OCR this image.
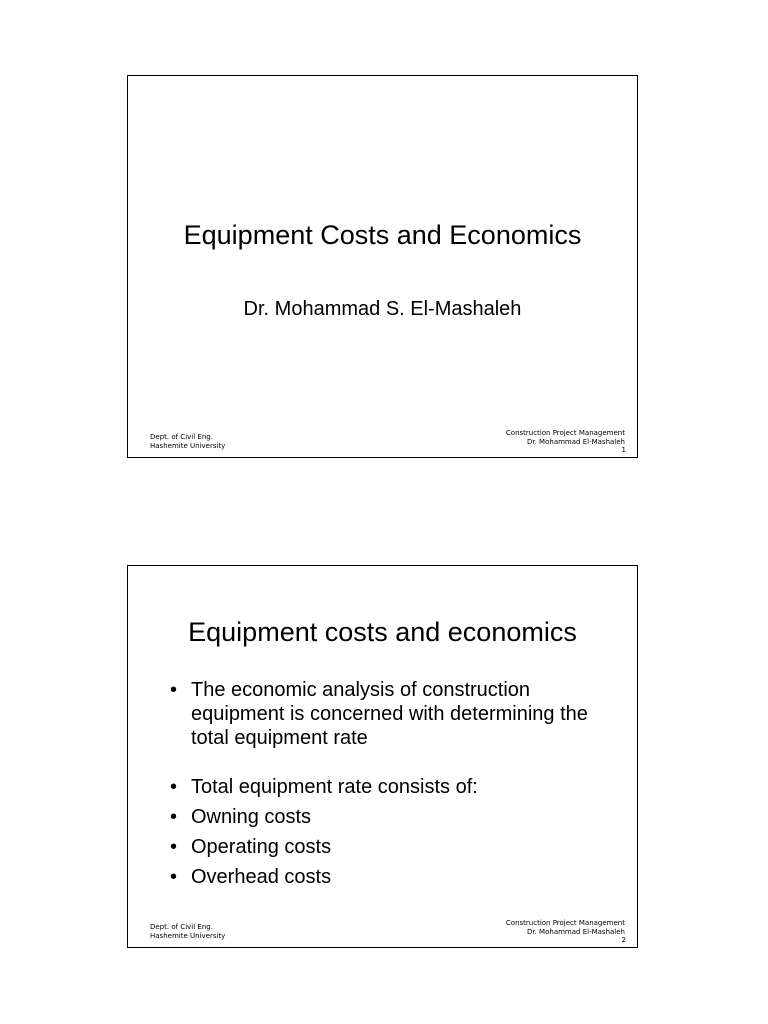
Equipment Costs and Economics
Dr. Mohammad S. El-Mashaleh
Dept. of Civil Eng.
Hashemite University
Construction Project Management
Dr. Mohammad El-Mashaleh
1
Equipment costs and economics
• The economic analysis of construction equipment is concerned with determining the total equipment rate
• Total equipment rate consists of:
• Owning costs
• Operating costs
• Overhead costs
Dept. of Civil Eng.
Hashemite University
Construction Project Management
Dr. Mohammad El-Mashaleh
2
